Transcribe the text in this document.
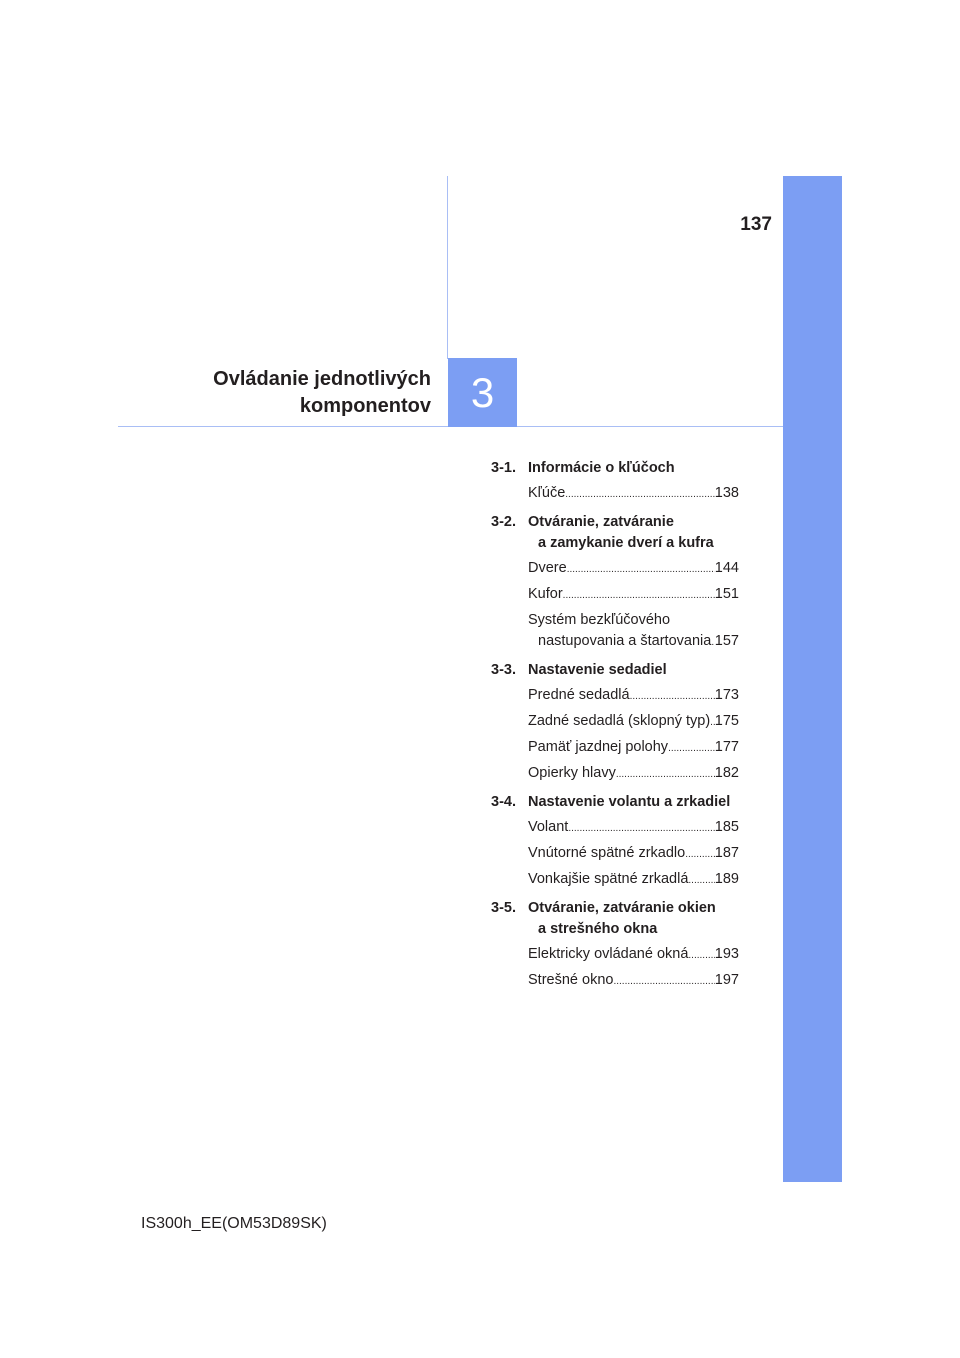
137
Ovládanie jednotlivých
komponentov 3
3-1. Informácie o kľúčoch
Kľúče .....	138
3-2. Otváranie, zatváranie
a zamykanie dverí a kufra
Dvere .....	144
Kufor .....	151
Systém bezkľúčového
nastupovania a štartovania ..... 157
3-3. Nastavenie sedadiel
Predné sedadlá .....	173
Zadné sedadlá (sklopný typ) ..... 175
Pamäť jazdnej polohy .....	177
Opierky hlavy .....	182
3-4. Nastavenie volantu a zrkadiel
Volant .....	185
Vnútorné spätné zrkadlo ..... 187
Vonkajšie spätné zrkadlá ..... 189
3-5. Otváranie, zatváranie okien
a strešného okna
Elektricky ovládané okná ..... 193
Strešné okno .....	197
IS300h_EE(OM53D89SK)
